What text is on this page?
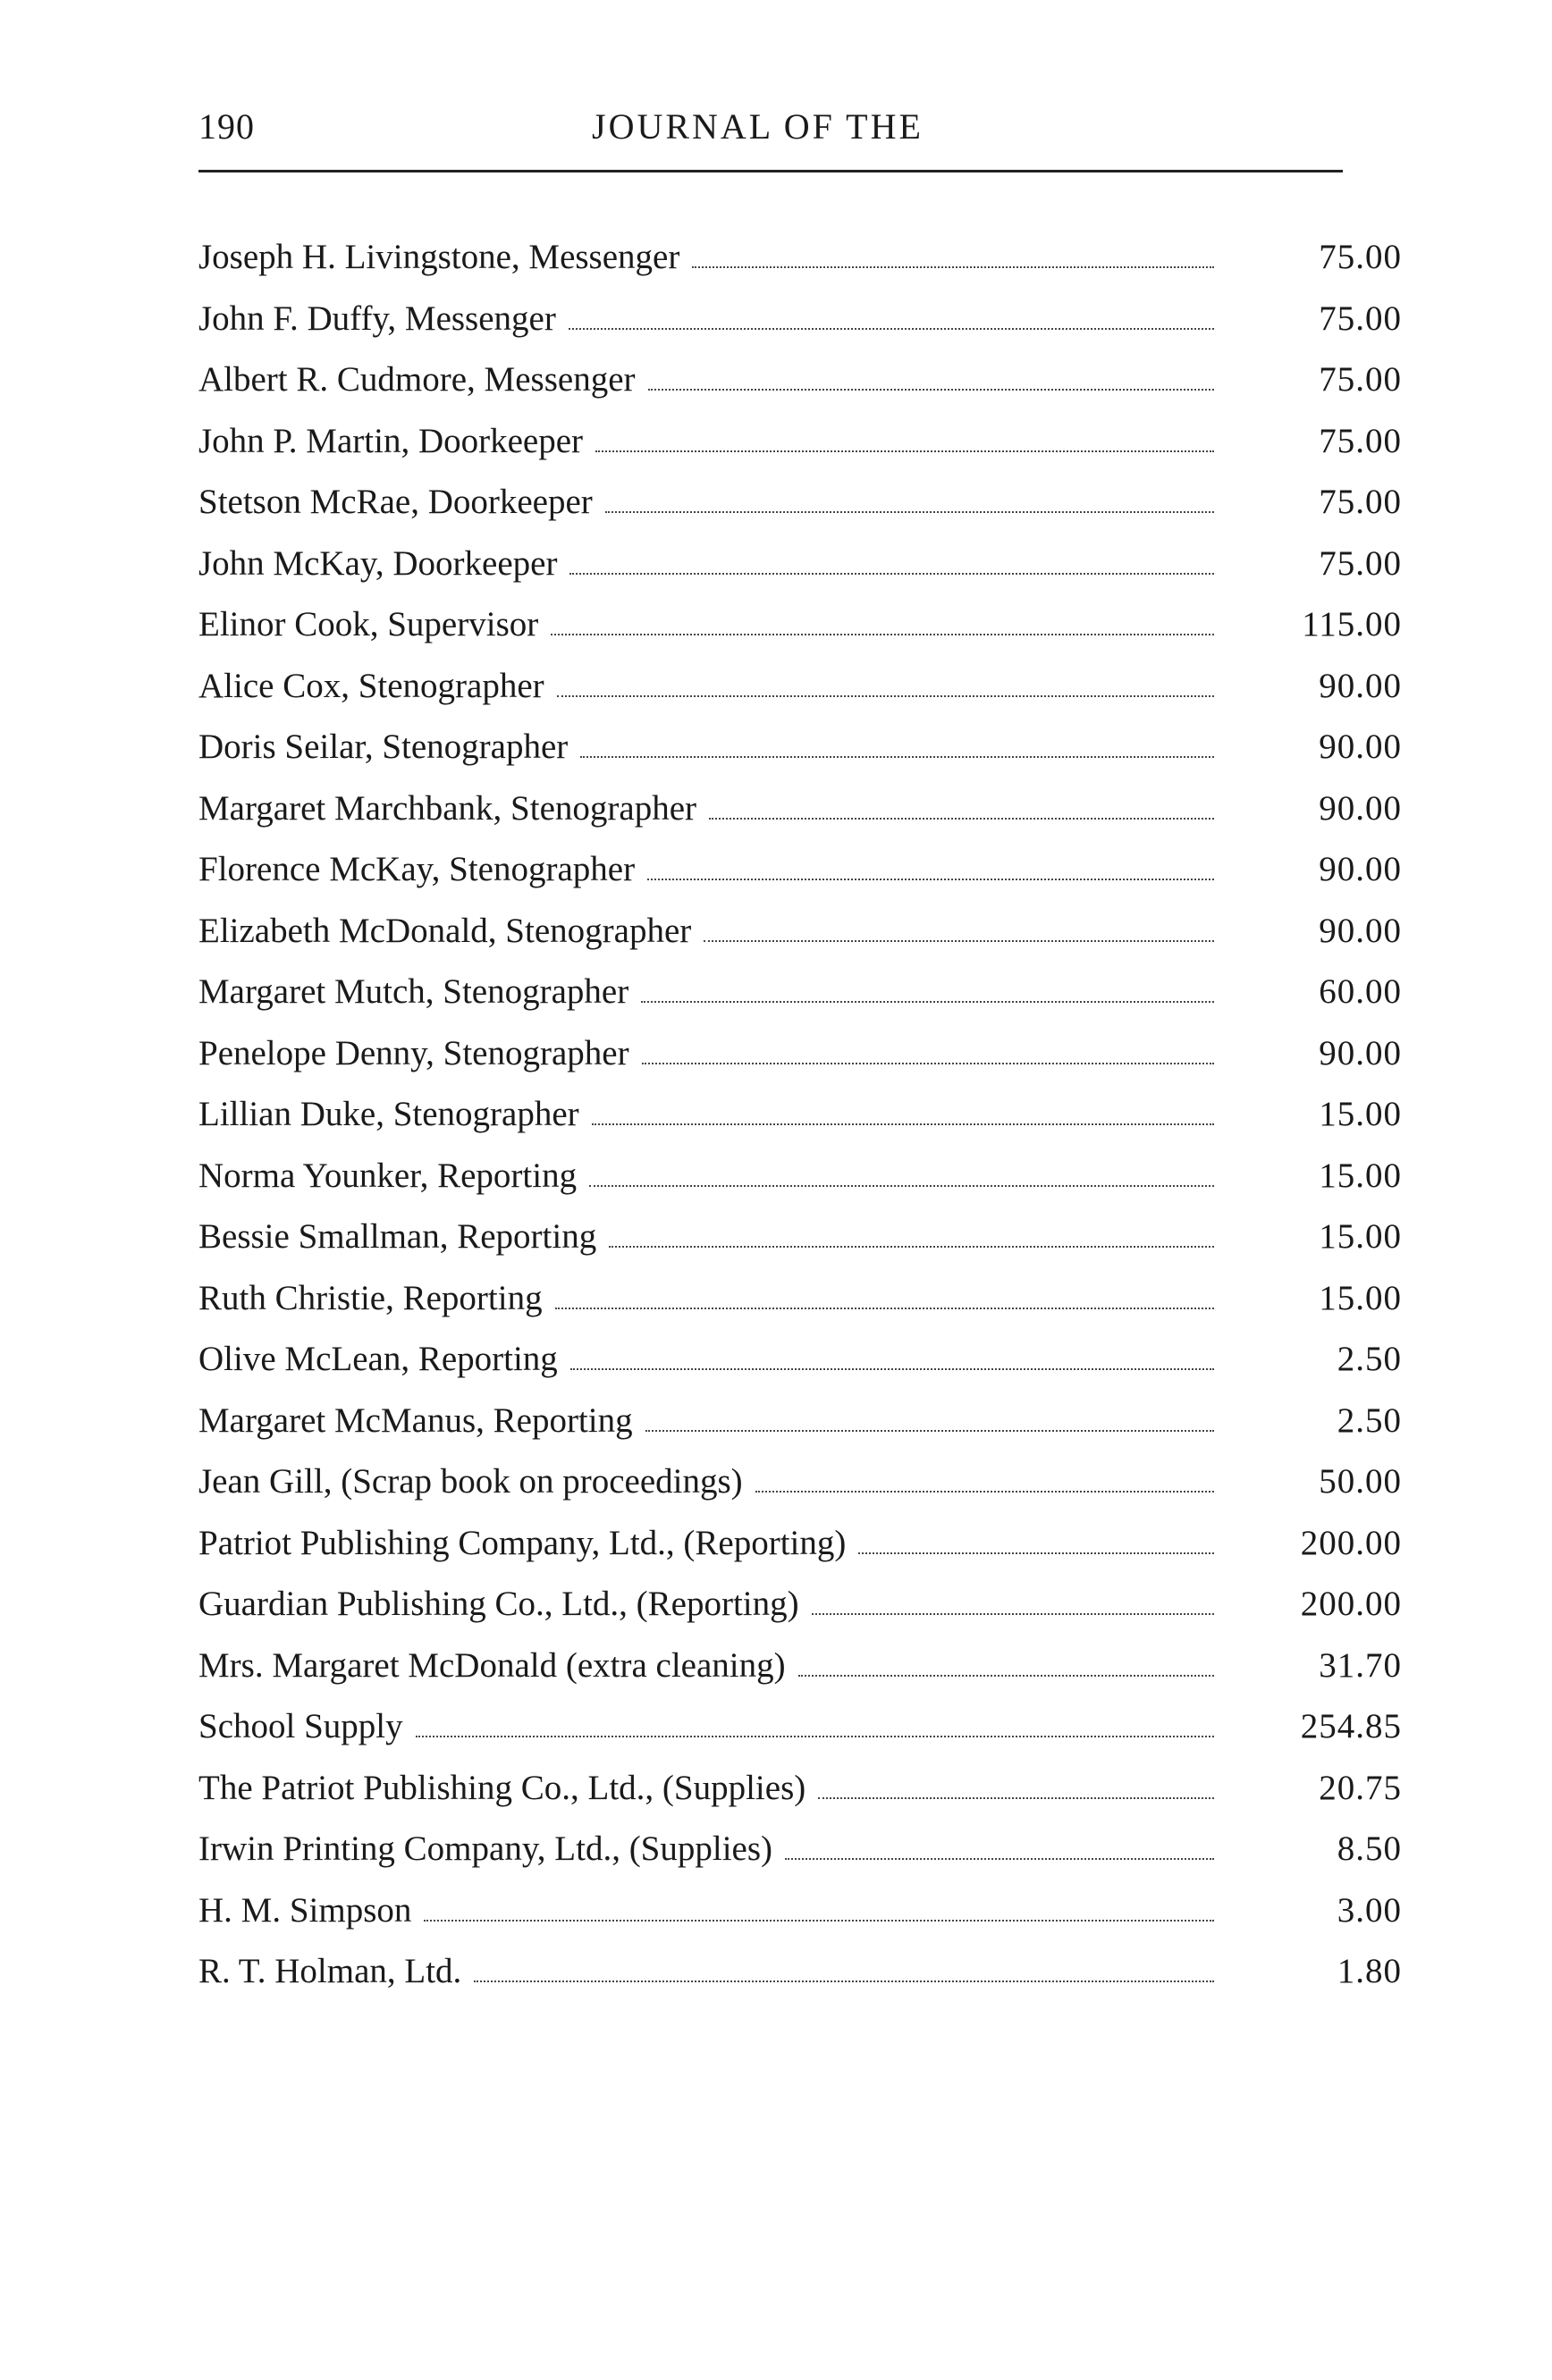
190	JOURNAL OF THE
Joseph H. Livingstone, Messenger	75.00
John F. Duffy, Messenger	75.00
Albert R. Cudmore, Messenger	75.00
John P. Martin, Doorkeeper	75.00
Stetson McRae, Doorkeeper	75.00
John McKay, Doorkeeper	75.00
Elinor Cook, Supervisor	115.00
Alice Cox, Stenographer	90.00
Doris Seilar, Stenographer	90.00
Margaret Marchbank, Stenographer	90.00
Florence McKay, Stenographer	90.00
Elizabeth McDonald, Stenographer	90.00
Margaret Mutch, Stenographer	60.00
Penelope Denny, Stenographer	90.00
Lillian Duke, Stenographer	15.00
Norma Younker, Reporting	15.00
Bessie Smallman, Reporting	15.00
Ruth Christie, Reporting	15.00
Olive McLean, Reporting	2.50
Margaret McManus, Reporting	2.50
Jean Gill, (Scrap book on proceedings)	50.00
Patriot Publishing Company, Ltd., (Reporting)	200.00
Guardian Publishing Co., Ltd., (Reporting)	200.00
Mrs. Margaret McDonald (extra cleaning)	31.70
School Supply	254.85
The Patriot Publishing Co., Ltd., (Supplies)	20.75
Irwin Printing Company, Ltd., (Supplies)	8.50
H. M. Simpson	3.00
R. T. Holman, Ltd.	1.80
